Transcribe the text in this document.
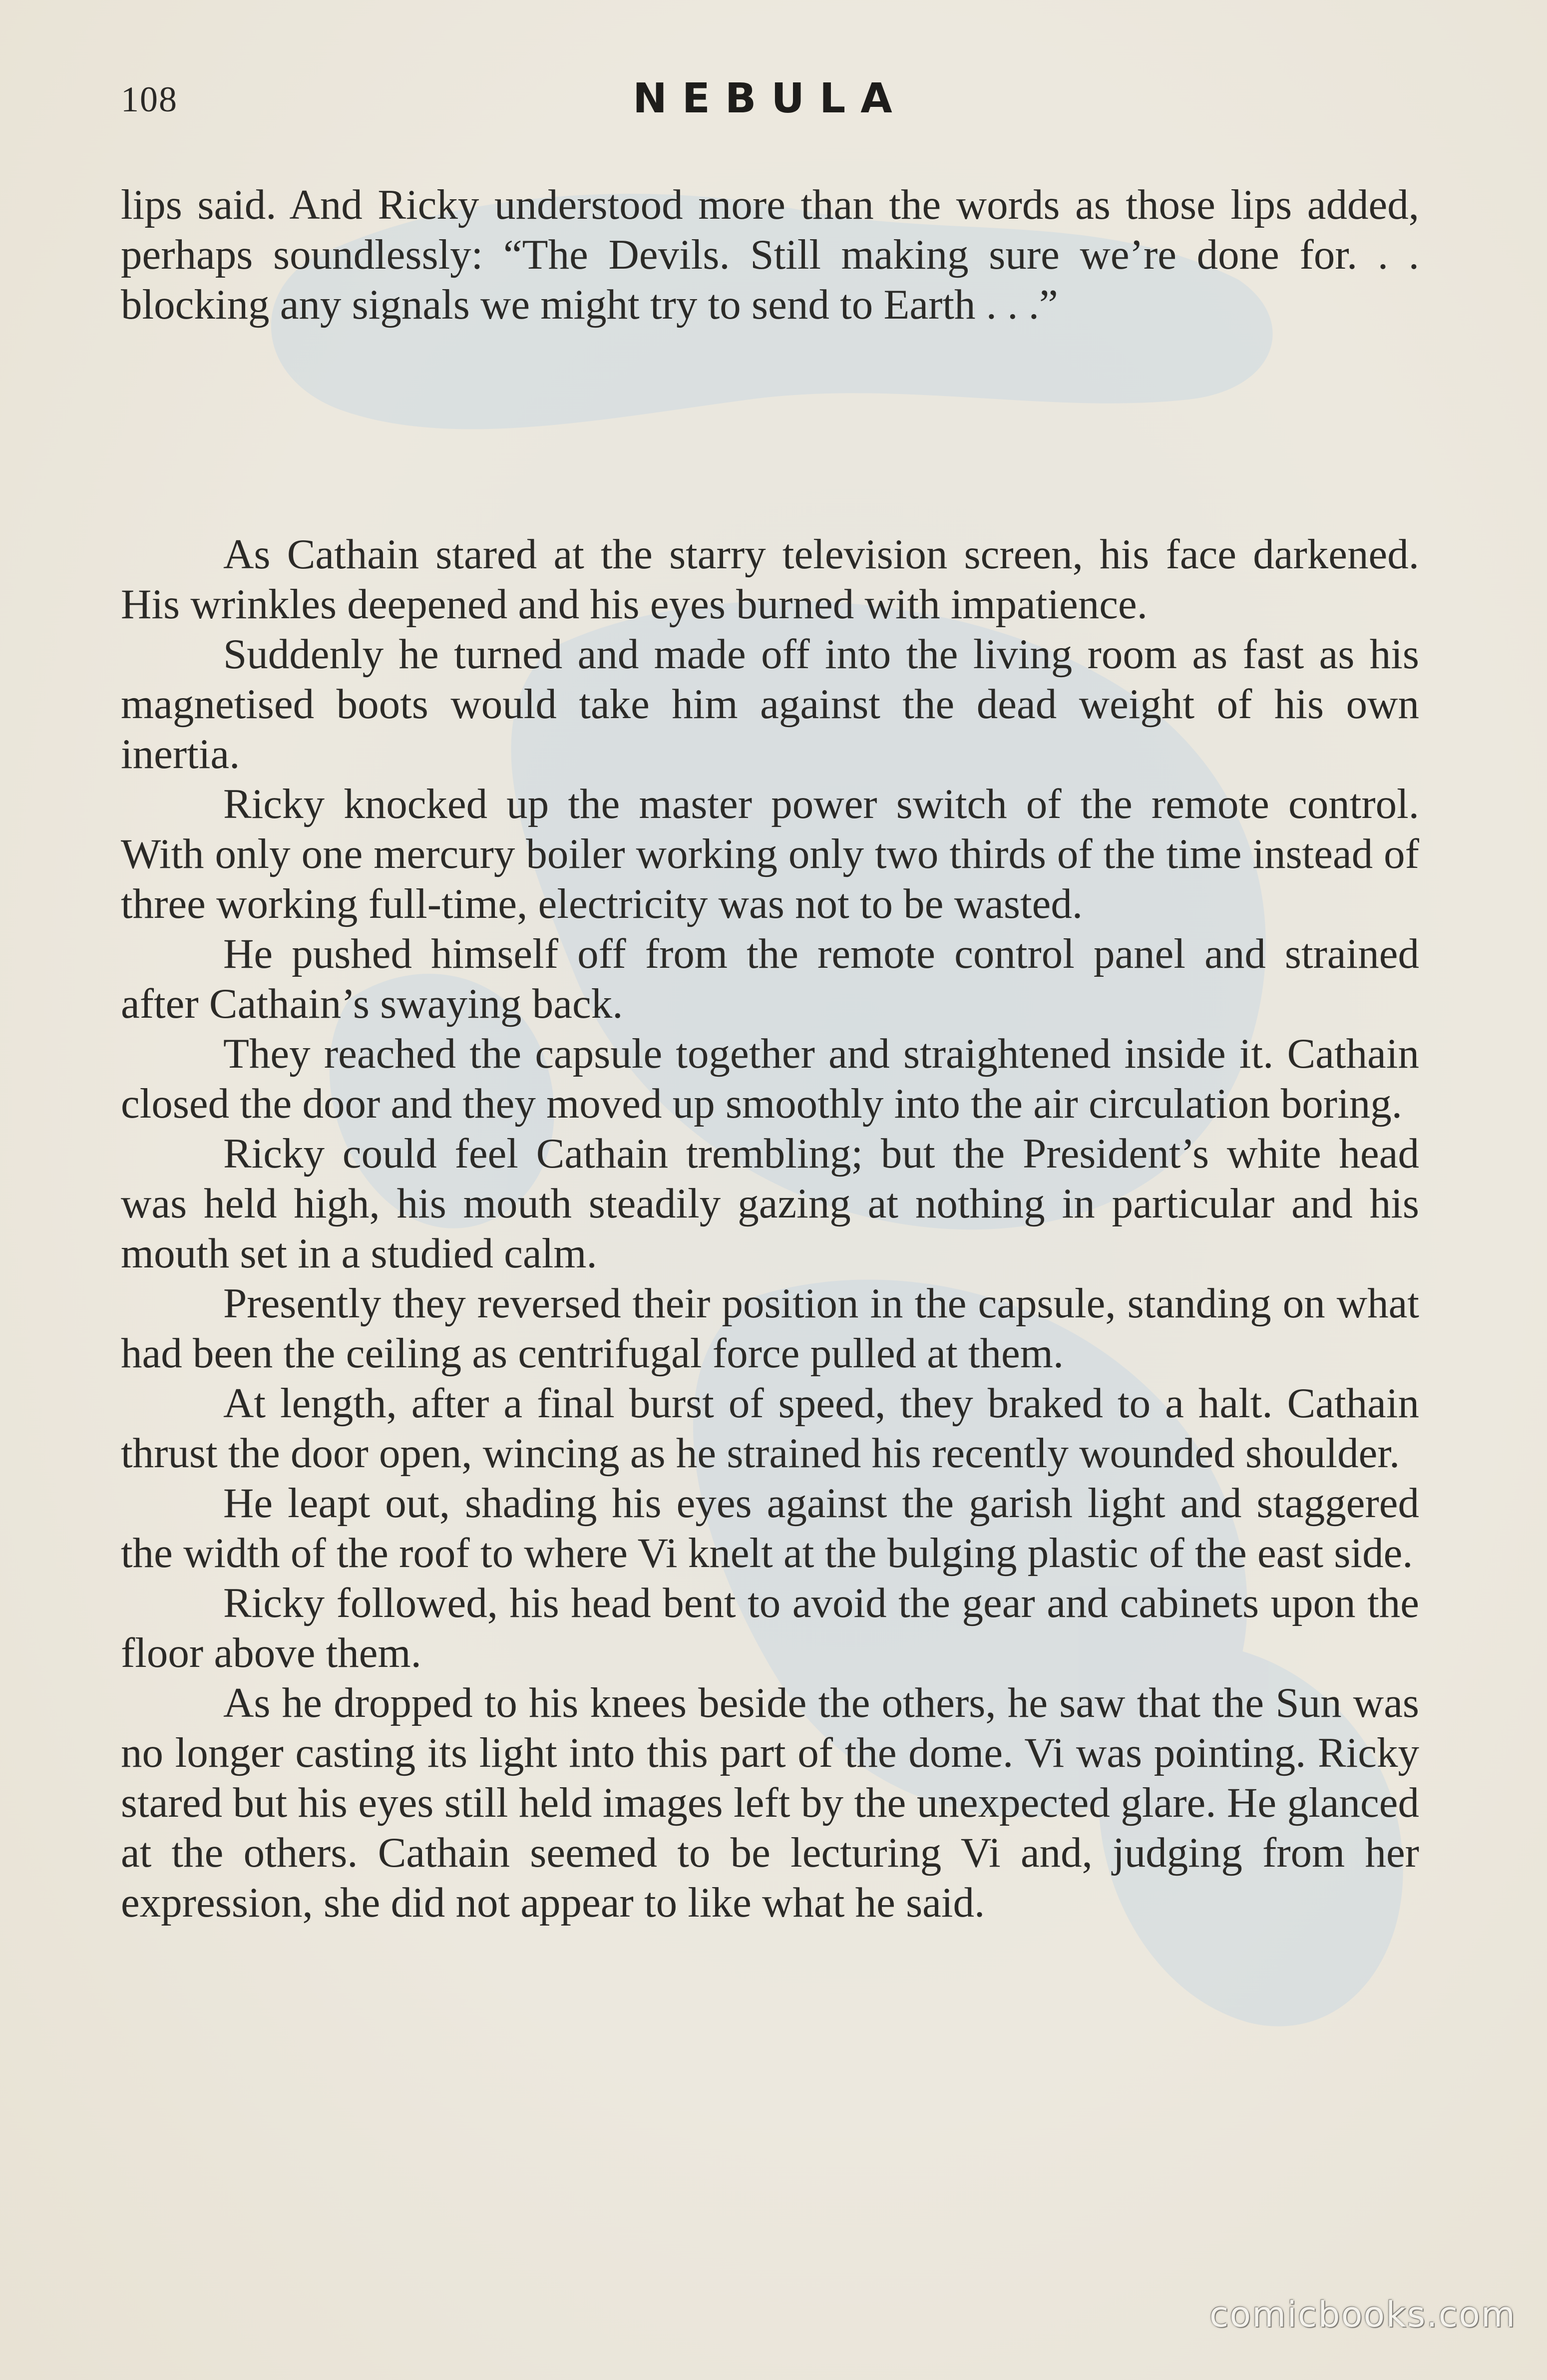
108	NEBULA

lips said. And Ricky understood more than the words as those lips added, perhaps soundlessly: “The Devils. Still making sure we’re done for. . . blocking any signals we might try to send to Earth . . .”

As Cathain stared at the starry television screen, his face darkened. His wrinkles deepened and his eyes burned with impatience.

Suddenly he turned and made off into the living room as fast as his magnetised boots would take him against the dead weight of his own inertia.

Ricky knocked up the master power switch of the remote control. With only one mercury boiler working only two thirds of the time instead of three working full-time, electricity was not to be wasted.

He pushed himself off from the remote control panel and strained after Cathain’s swaying back.

They reached the capsule together and straightened inside it. Cathain closed the door and they moved up smoothly into the air circulation boring.

Ricky could feel Cathain trembling; but the President’s white head was held high, his mouth steadily gazing at nothing in particular and his mouth set in a studied calm.

Presently they reversed their position in the capsule, standing on what had been the ceiling as centrifugal force pulled at them.

At length, after a final burst of speed, they braked to a halt. Cathain thrust the door open, wincing as he strained his recently wounded shoulder.

He leapt out, shading his eyes against the garish light and staggered the width of the roof to where Vi knelt at the bulging plastic of the east side.

Ricky followed, his head bent to avoid the gear and cabinets upon the floor above them.

As he dropped to his knees beside the others, he saw that the Sun was no longer casting its light into this part of the dome. Vi was pointing. Ricky stared but his eyes still held images left by the unexpected glare. He glanced at the others. Cathain seemed to be lecturing Vi and, judging from her expression, she did not appear to like what he said.

comicbooks.com
